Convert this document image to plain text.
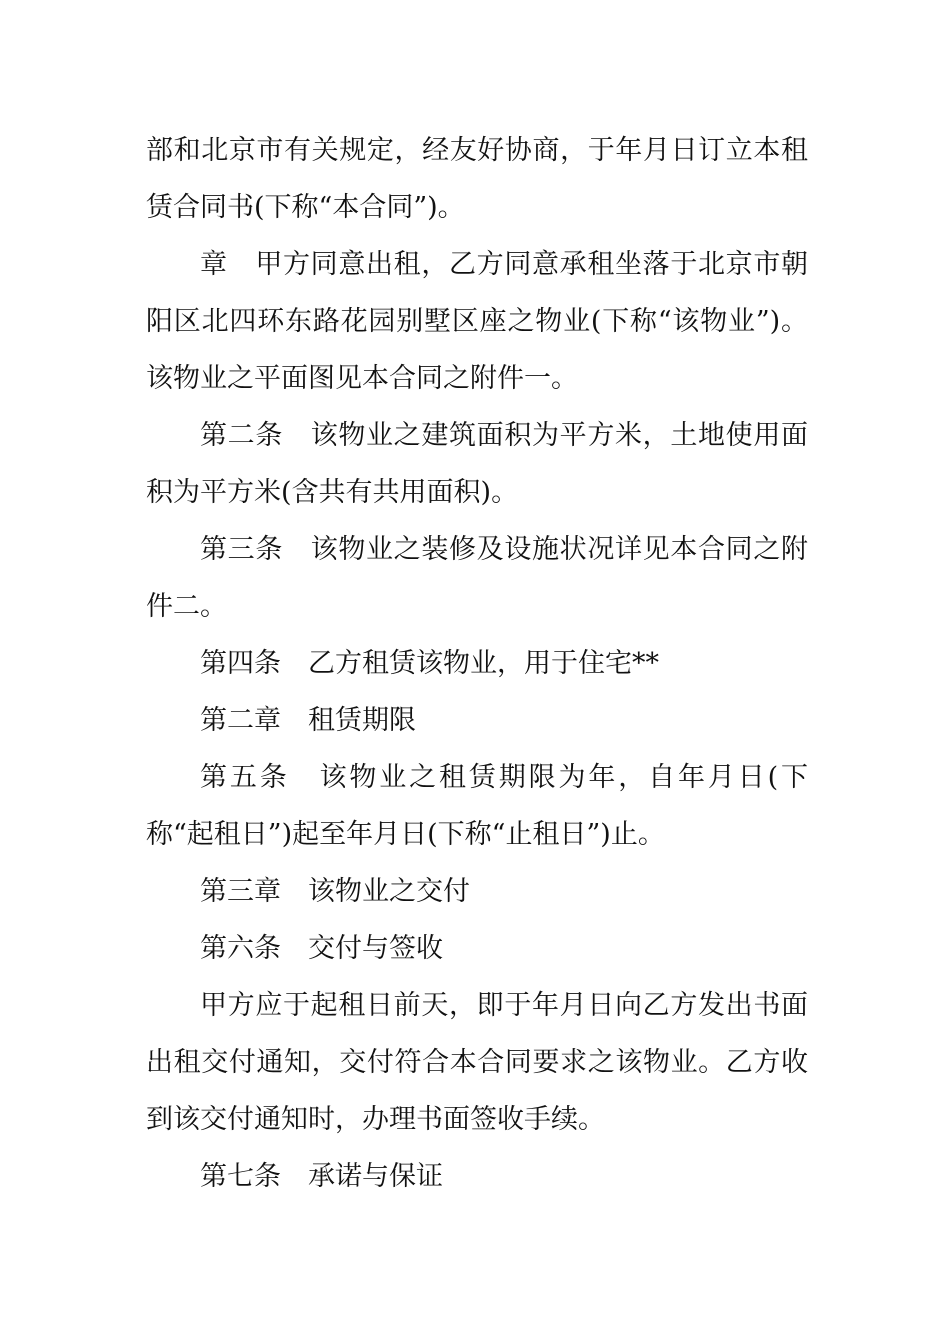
部和北京市有关规定，经友好协商，于年月日订立本租赁合同书(下称“本合同”)。

章　甲方同意出租，乙方同意承租坐落于北京市朝阳区北四环东路花园别墅区座之物业(下称“该物业”)。该物业之平面图见本合同之附件一。

第二条　该物业之建筑面积为平方米，土地使用面积为平方米(含共有共用面积)。

第三条　该物业之装修及设施状况详见本合同之附件二。

第四条　乙方租赁该物业，用于住宅**

第二章　租赁期限

第五条　该物业之租赁期限为年，自年月日(下称“起租日”)起至年月日(下称“止租日”)止。

第三章　该物业之交付

第六条　交付与签收

甲方应于起租日前天，即于年月日向乙方发出书面出租交付通知，交付符合本合同要求之该物业。乙方收到该交付通知时，办理书面签收手续。

第七条　承诺与保证
